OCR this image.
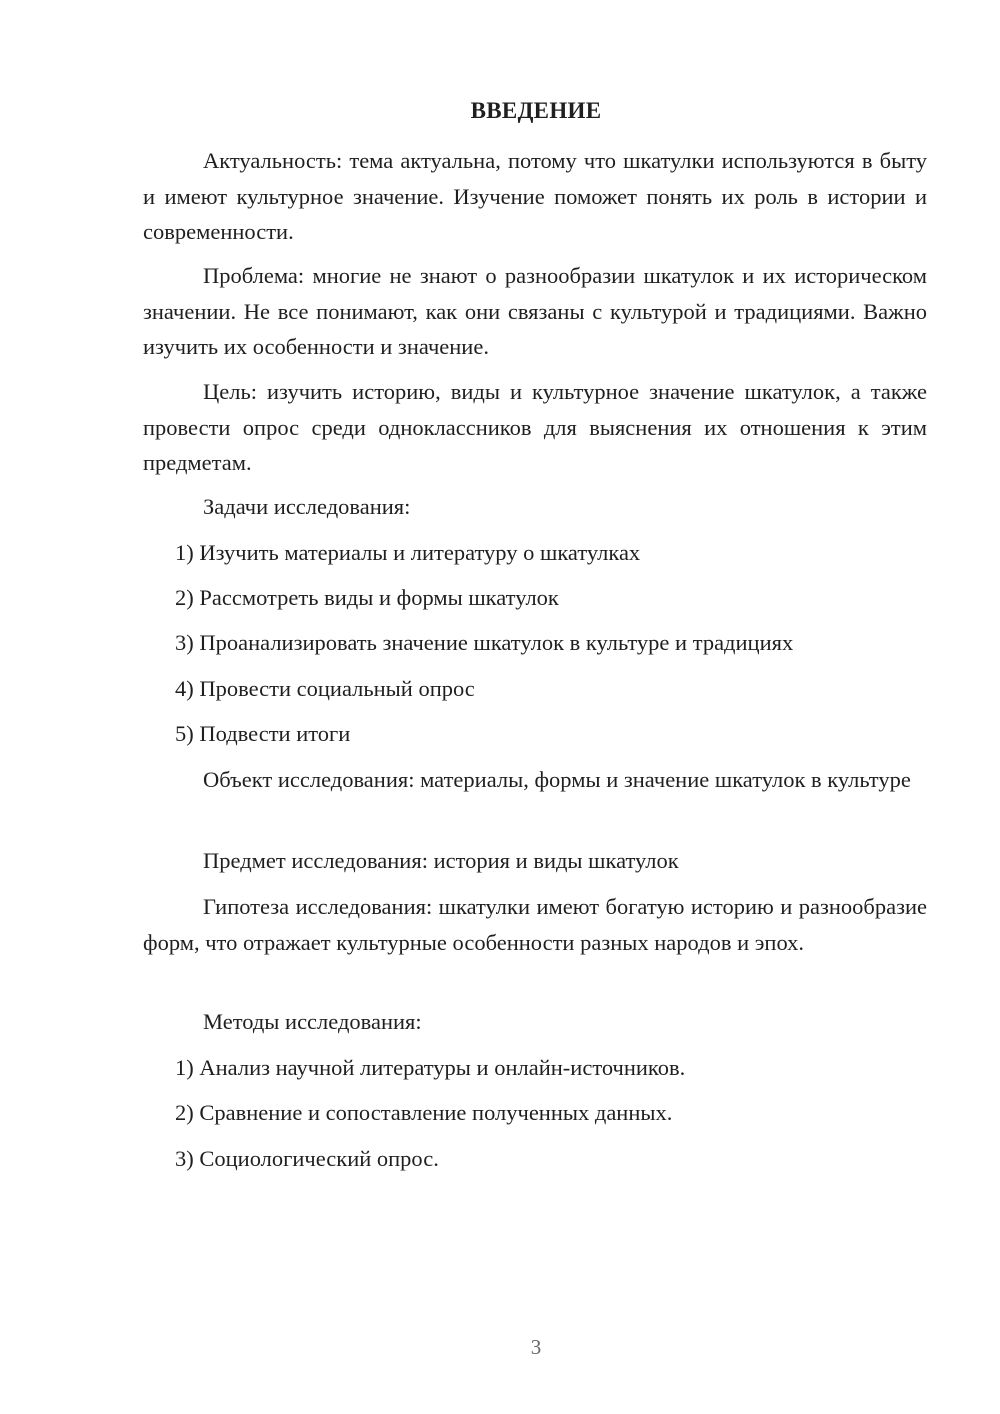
ВВЕДЕНИЕ

Актуальность: тема актуальна, потому что шкатулки используются в быту и имеют культурное значение. Изучение поможет понять их роль в истории и современности.

Проблема: многие не знают о разнообразии шкатулок и их историческом значении. Не все понимают, как они связаны с культурой и традициями. Важно изучить их особенности и значение.

Цель: изучить историю, виды и культурное значение шкатулок, а также провести опрос среди одноклассников для выяснения их отношения к этим предметам.

Задачи исследования:

1) Изучить материалы и литературу о шкатулках

2) Рассмотреть виды и формы шкатулок

3) Проанализировать значение шкатулок в культуре и традициях

4) Провести социальный опрос

5) Подвести итоги

Объект исследования: материалы, формы и значение шкатулок в культуре

Предмет исследования: история и виды шкатулок

Гипотеза исследования: шкатулки имеют богатую историю и разнообразие форм, что отражает культурные особенности разных народов и эпох.

Методы исследования:

1) Анализ научной литературы и онлайн-источников.

2) Сравнение и сопоставление полученных данных.

3) Социологический опрос.

3
